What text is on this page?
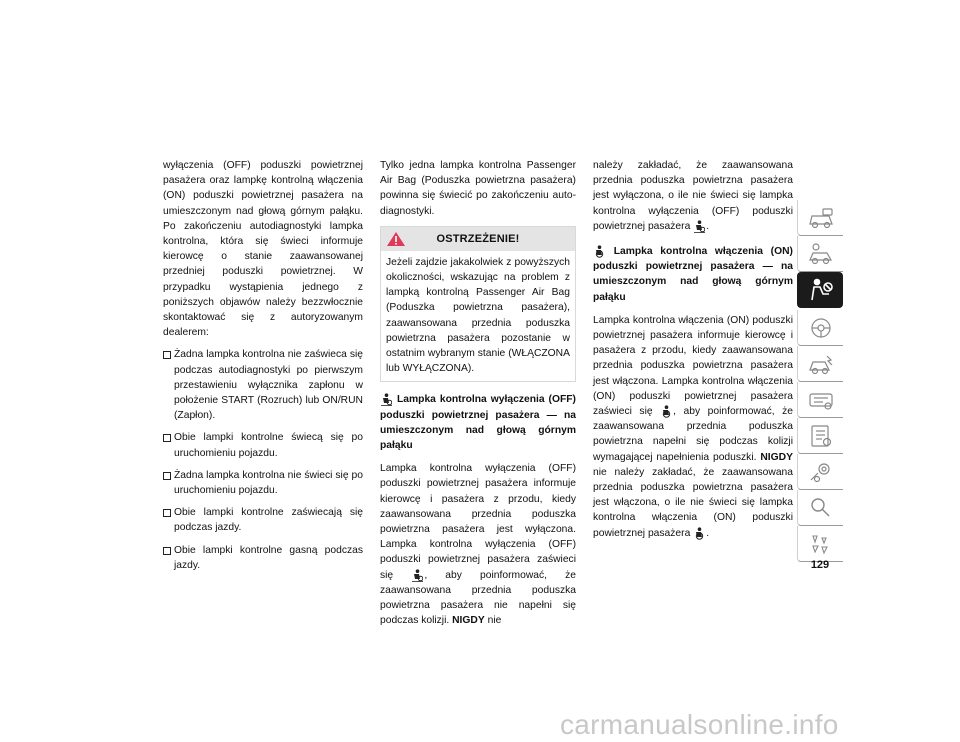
wyłączenia (OFF) poduszki powietrznej pasażera oraz lampkę kontrolną włączenia (ON) poduszki powietrznej pasażera na umieszczonym nad głową górnym pałąku. Po zakończeniu autodiagnostyki lampka kontrolna, która się świeci informuje kierowcę o stanie zaawansowanej przedniej poduszki powietrznej. W przypadku wystąpienia jednego z poniższych objawów należy bezzwłocznie skontaktować się z autoryzowanym dealerem:

Żadna lampka kontrolna nie zaświeca się podczas autodiagnostyki po pierwszym przestawieniu wyłącznika zapłonu w położenie START (Rozruch) lub ON/RUN (Zapłon).
Obie lampki kontrolne świecą się po uruchomieniu pojazdu.
Żadna lampka kontrolna nie świeci się po uruchomieniu pojazdu.
Obie lampki kontrolne zaświecają się podczas jazdy.
Obie lampki kontrolne gasną podczas jazdy.

Tylko jedna lampka kontrolna Passenger Air Bag (Poduszka powietrzna pasażera) powinna się świecić po zakończeniu autodiagnostyki.

OSTRZEŻENIE!
Jeżeli zajdzie jakakolwiek z powyższych okoliczności, wskazując na problem z lampką kontrolną Passenger Air Bag (Poduszka powietrzna pasażera), zaawansowana przednia poduszka powietrzna pasażera pozostanie w ostatnim wybranym stanie (WŁĄCZONA lub WYŁĄCZONA).

Lampka kontrolna wyłączenia (OFF) poduszki powietrznej pasażera — na umieszczonym nad głową górnym pałąku

Lampka kontrolna wyłączenia (OFF) poduszki powietrznej pasażera informuje kierowcę i pasażera z przodu, kiedy zaawansowana przednia poduszka powietrzna pasażera jest wyłączona. Lampka kontrolna wyłączenia (OFF) poduszki powietrznej pasażera zaświeci się	, aby poinformować, że zaawansowana przednia poduszka powietrzna pasażera nie napełni się podczas kolizji. NIGDY nie

należy zakładać, że zaawansowana przednia poduszka powietrzna pasażera jest wyłączona, o ile nie świeci się lampka kontrolna wyłączenia (OFF) poduszki powietrznej pasażera .

Lampka kontrolna włączenia (ON) poduszki powietrznej pasażera — na umieszczonym nad głową górnym pałąku

Lampka kontrolna włączenia (ON) poduszki powietrznej pasażera informuje kierowcę i pasażera z przodu, kiedy zaawansowana przednia poduszka powietrzna pasażera jest włączona. Lampka kontrolna włączenia (ON) poduszki powietrznej pasażera zaświeci się , aby poinformować, że zaawansowana przednia poduszka powietrzna napełni się podczas kolizji wymagającej napełnienia poduszki. NIGDY nie należy zakładać, że zaawansowana przednia poduszka powietrzna pasażera jest włączona, o ile nie świeci się lampka kontrolna włączenia (ON) poduszki powietrznej pasażera .

129
carmanualsonline.info
